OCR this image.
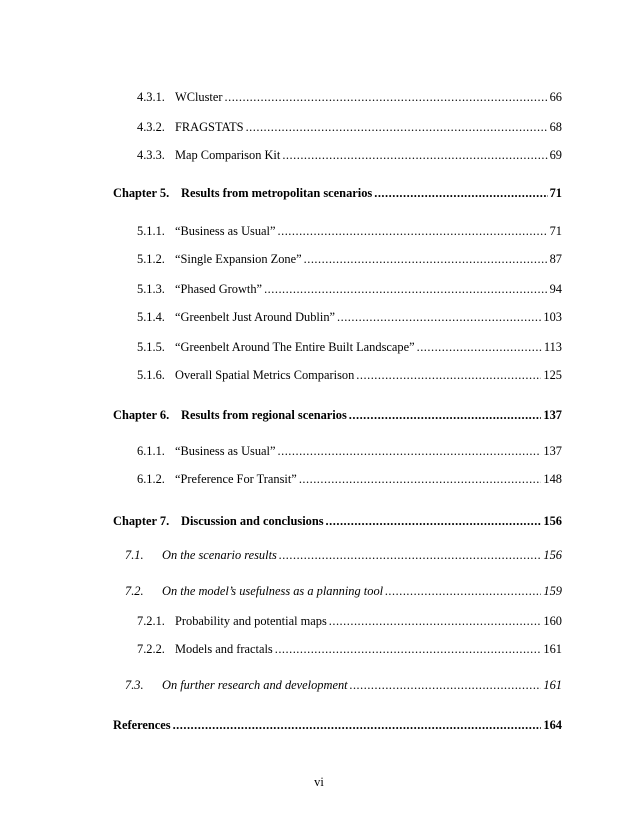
4.3.1. WCluster .....	66
4.3.2. FRAGSTATS .....	68
4.3.3. Map Comparison Kit .....	69
Chapter 5. Results from metropolitan scenarios .....	71
5.1.1. “Business as Usual” .....	71
5.1.2. “Single Expansion Zone” .....	87
5.1.3. “Phased Growth” .....	94
5.1.4. “Greenbelt Just Around Dublin” .....	103
5.1.5. “Greenbelt Around The Entire Built Landscape” .....	113
5.1.6. Overall Spatial Metrics Comparison .....	125
Chapter 6. Results from regional scenarios .....	137
6.1.1. “Business as Usual” .....	137
6.1.2. “Preference For Transit” .....	148
Chapter 7. Discussion and conclusions .....	156
7.1. On the scenario results .....	156
7.2. On the model’s usefulness as a planning tool .....	159
7.2.1. Probability and potential maps .....	160
7.2.2. Models and fractals .....	161
7.3. On further research and development .....	161
References .....	164
vi
